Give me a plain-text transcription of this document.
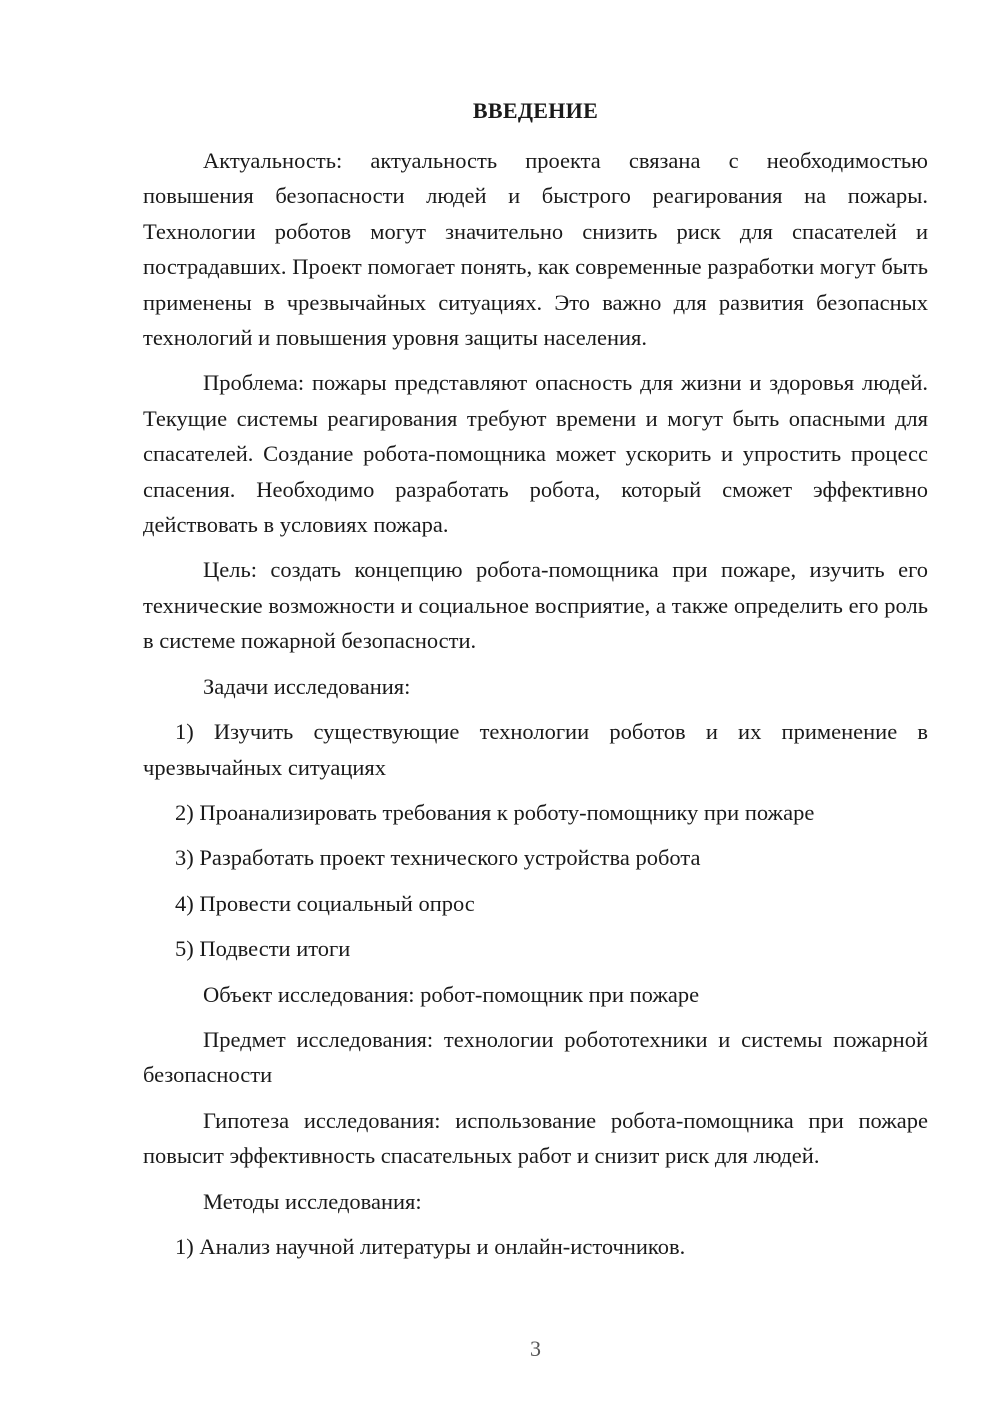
ВВЕДЕНИЕ

Актуальность: актуальность проекта связана с необходимостью повышения безопасности людей и быстрого реагирования на пожары. Технологии роботов могут значительно снизить риск для спасателей и пострадавших. Проект помогает понять, как современные разработки могут быть применены в чрезвычайных ситуациях. Это важно для развития безопасных технологий и повышения уровня защиты населения.

Проблема: пожары представляют опасность для жизни и здоровья людей. Текущие системы реагирования требуют времени и могут быть опасными для спасателей. Создание робота-помощника может ускорить и упростить процесс спасения. Необходимо разработать робота, который сможет эффективно действовать в условиях пожара.

Цель: создать концепцию робота-помощника при пожаре, изучить его технические возможности и социальное восприятие, а также определить его роль в системе пожарной безопасности.

Задачи исследования:

1) Изучить существующие технологии роботов и их применение в чрезвычайных ситуациях

2) Проанализировать требования к роботу-помощнику при пожаре

3) Разработать проект технического устройства робота

4) Провести социальный опрос

5) Подвести итоги

Объект исследования: робот-помощник при пожаре

Предмет исследования: технологии робототехники и системы пожарной безопасности

Гипотеза исследования: использование робота-помощника при пожаре повысит эффективность спасательных работ и снизит риск для людей.

Методы исследования:

1) Анализ научной литературы и онлайн-источников.

3
